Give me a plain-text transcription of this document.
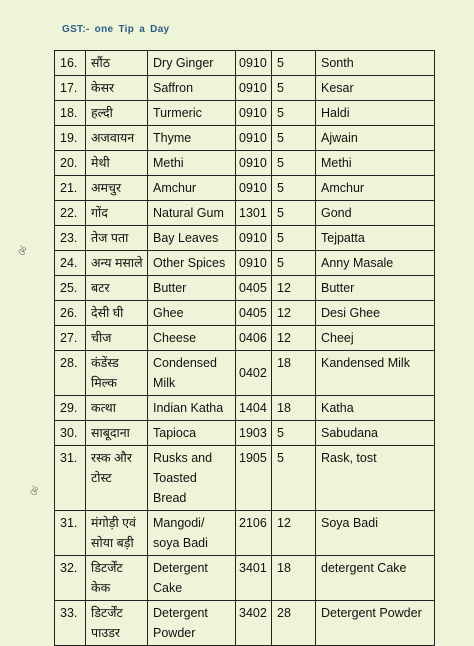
GST:- one Tip a Day
ঔ
ঔ
16.	सौंठ	Dry Ginger	0910	5	Sonth
17.	केसर	Saffron	0910	5	Kesar
18.	हल्दी	Turmeric	0910	5	Haldi
19.	अजवायन	Thyme	0910	5	Ajwain
20.	मेथी	Methi	0910	5	Methi
21.	अमचुर	Amchur	0910	5	Amchur
22.	गोंद	Natural Gum	1301	5	Gond
23.	तेज पता	Bay Leaves	0910	5	Tejpatta
24.	अन्य मसाले	Other Spices	0910	5	Anny Masale
25.	बटर	Butter	0405	12	Butter
26.	देसी घी	Ghee	0405	12	Desi Ghee
27.	चीज	Cheese	0406	12	Cheej
28.	कंडेंस्ड मिल्क	Condensed Milk	0402	18	Kandensed Milk
29.	कत्था	Indian Katha	1404	18	Katha
30.	साबूदाना	Tapioca	1903	5	Sabudana
31.	रस्क और टोस्ट	Rusks and Toasted Bread	1905	5	Rask, tost
31.	मंगोड़ी एवं सोया बड़ी	Mangodi/ soya Badi	2106	12	Soya Badi
32.	डिटर्जेंट केक	Detergent Cake	3401	18	detergent Cake
33.	डिटर्जेंट पाउडर	Detergent Powder	3402	28	Detergent Powder
